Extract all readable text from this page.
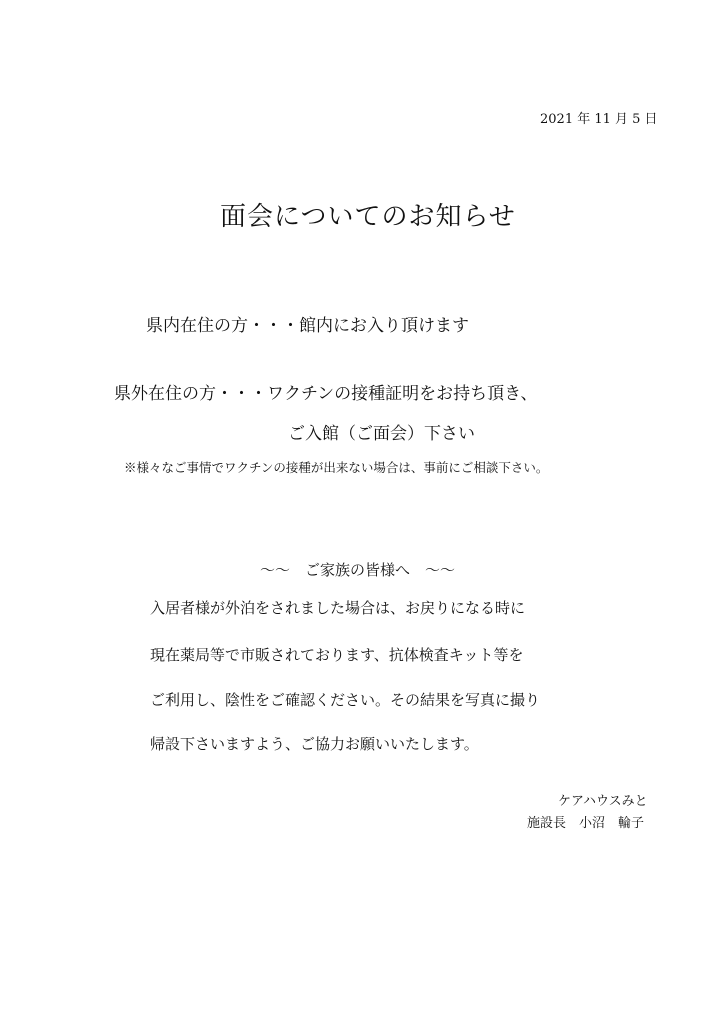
2021 年 11 月 5 日
面会についてのお知らせ
県内在住の方・・・館内にお入り頂けます
県外在住の方・・・ワクチンの接種証明をお持ち頂き、
ご入館（ご面会）下さい
※様々なご事情でワクチンの接種が出来ない場合は、事前にご相談下さい。
～～　ご家族の皆様へ　～～
入居者様が外泊をされました場合は、お戻りになる時に
現在薬局等で市販されております、抗体検査キット等を
ご利用し、陰性をご確認ください。その結果を写真に撮り
帰設下さいますよう、ご協力お願いいたします。
ケアハウスみと
施設長　小沼　輪子
